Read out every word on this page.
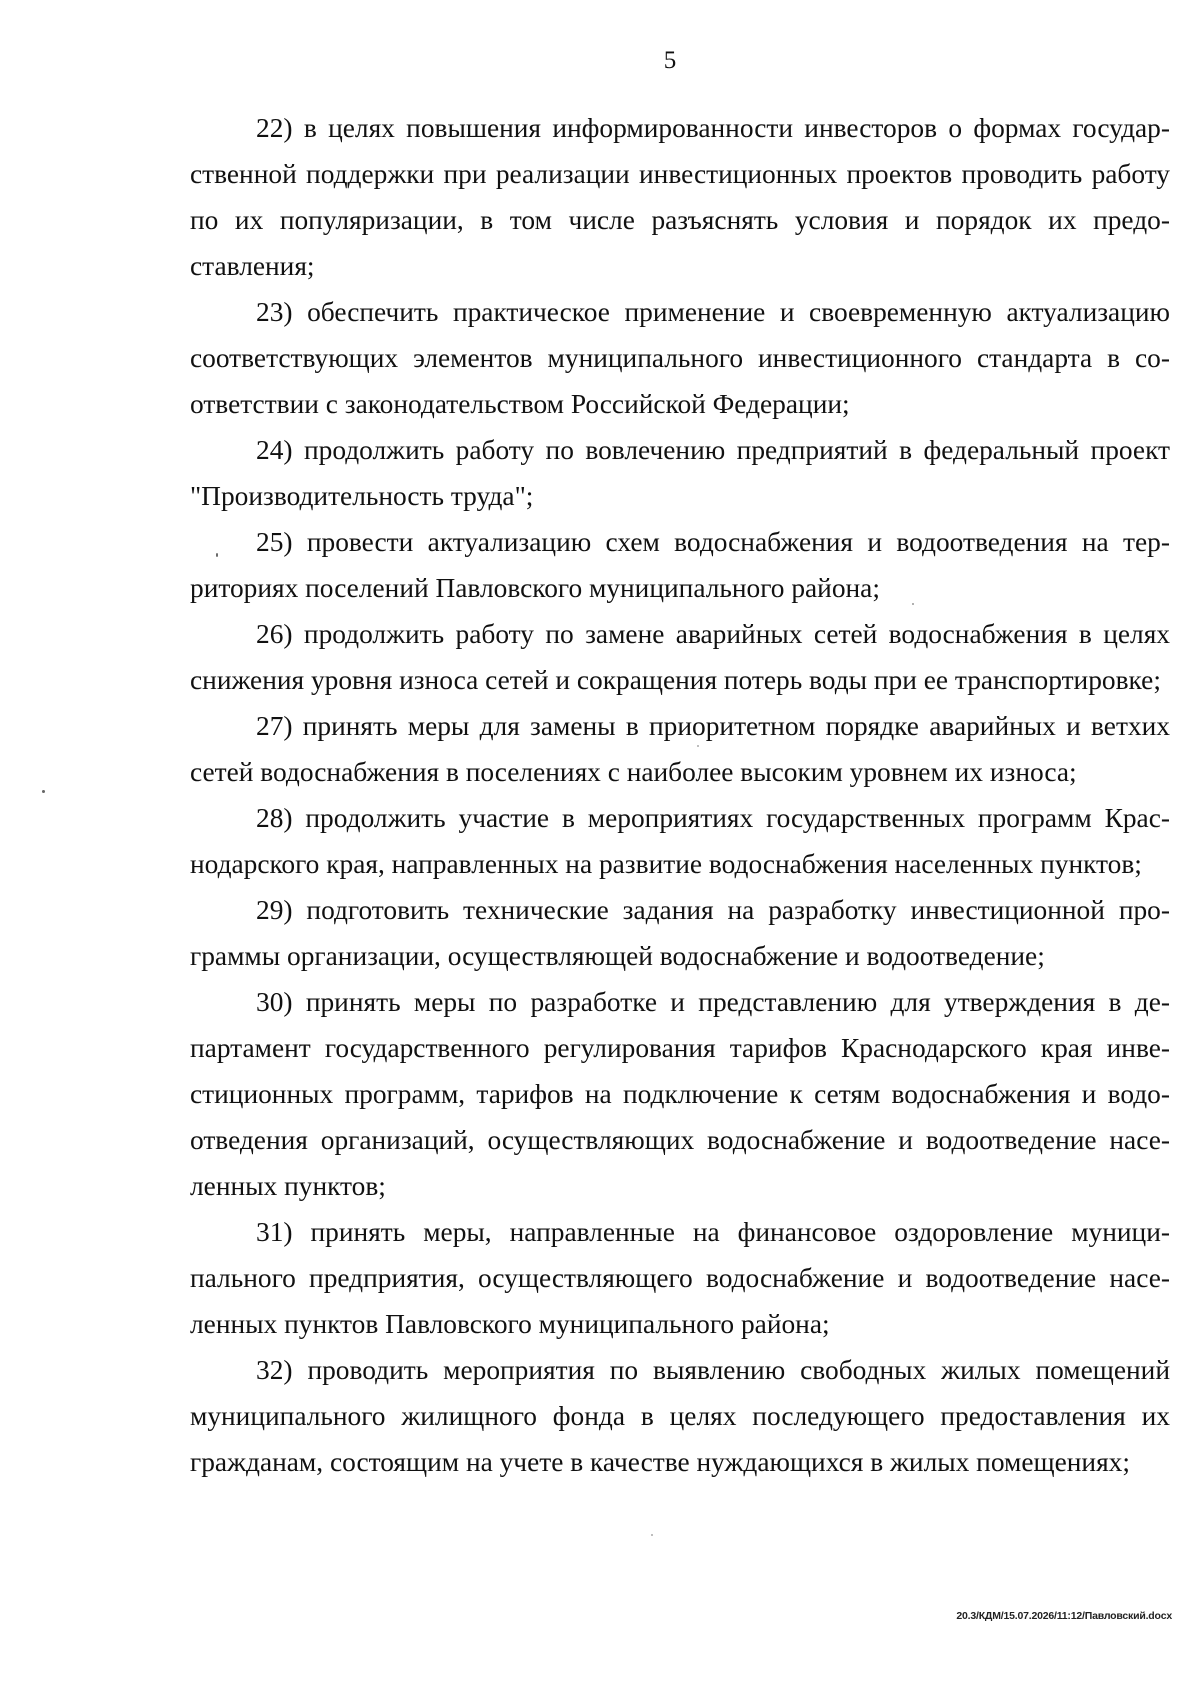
5

22) в целях повышения информированности инвесторов о формах государственной поддержки при реализации инвестиционных проектов проводить работу по их популяризации, в том числе разъяснять условия и порядок их предоставления;

23) обеспечить практическое применение и своевременную актуализацию соответствующих элементов муниципального инвестиционного стандарта в соответствии с законодательством Российской Федерации;

24) продолжить работу по вовлечению предприятий в федеральный проект "Производительность труда";

25) провести актуализацию схем водоснабжения и водоотведения на территориях поселений Павловского муниципального района;

26) продолжить работу по замене аварийных сетей водоснабжения в целях снижения уровня износа сетей и сокращения потерь воды при ее транспортировке;

27) принять меры для замены в приоритетном порядке аварийных и ветхих сетей водоснабжения в поселениях с наиболее высоким уровнем их износа;

28) продолжить участие в мероприятиях государственных программ Краснодарского края, направленных на развитие водоснабжения населенных пунктов;

29) подготовить технические задания на разработку инвестиционной программы организации, осуществляющей водоснабжение и водоотведение;

30) принять меры по разработке и представлению для утверждения в департамент государственного регулирования тарифов Краснодарского края инвестиционных программ, тарифов на подключение к сетям водоснабжения и водоотведения организаций, осуществляющих водоснабжение и водоотведение населенных пунктов;

31) принять меры, направленные на финансовое оздоровление муниципального предприятия, осуществляющего водоснабжение и водоотведение населенных пунктов Павловского муниципального района;

32) проводить мероприятия по выявлению свободных жилых помещений муниципального жилищного фонда в целях последующего предоставления их гражданам, состоящим на учете в качестве нуждающихся в жилых помещениях;

20.3/КДМ/15.07.2026/11:12/Павловский.docx
